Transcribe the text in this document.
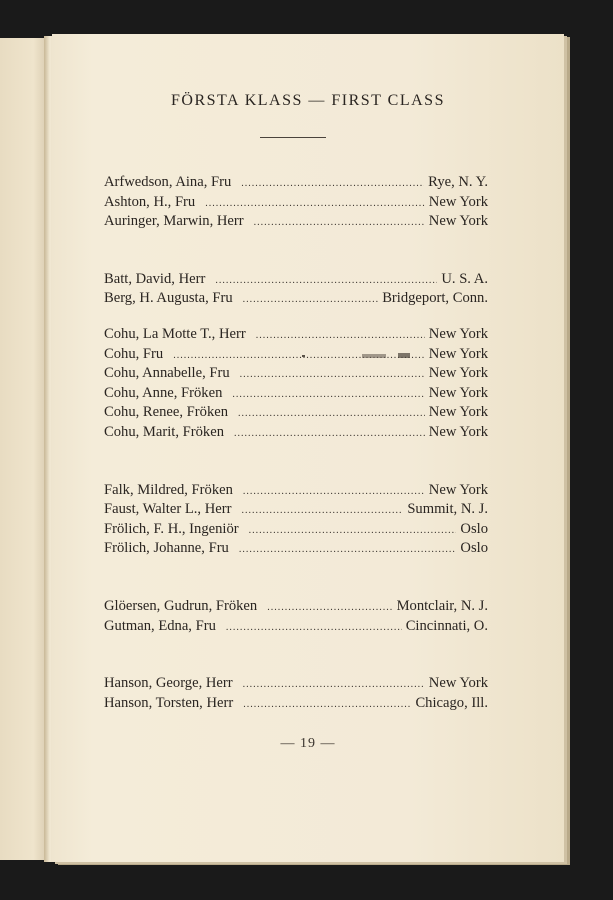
FÖRSTA KLASS — FIRST CLASS
Arfwedson, Aina, Fru .....	Rye, N. Y.
Ashton, H., Fru .....	New York
Auringer, Marwin, Herr .....	New York
Batt, David, Herr .....	U. S. A.
Berg, H. Augusta, Fru .....	Bridgeport, Conn.
Cohu, La Motte T., Herr .....	New York
Cohu, Fru .....	New York
Cohu, Annabelle, Fru .....	New York
Cohu, Anne, Fröken .....	New York
Cohu, Renee, Fröken .....	New York
Cohu, Marit, Fröken .....	New York
Falk, Mildred, Fröken .....	New York
Faust, Walter L., Herr .....	Summit, N. J.
Frölich, F. H., Ingeniör .....	Oslo
Frölich, Johanne, Fru .....	Oslo
Glöersen, Gudrun, Fröken .....	Montclair, N. J.
Gutman, Edna, Fru .....	Cincinnati, O.
Hanson, George, Herr .....	New York
Hanson, Torsten, Herr .....	Chicago, Ill.
— 19 —
